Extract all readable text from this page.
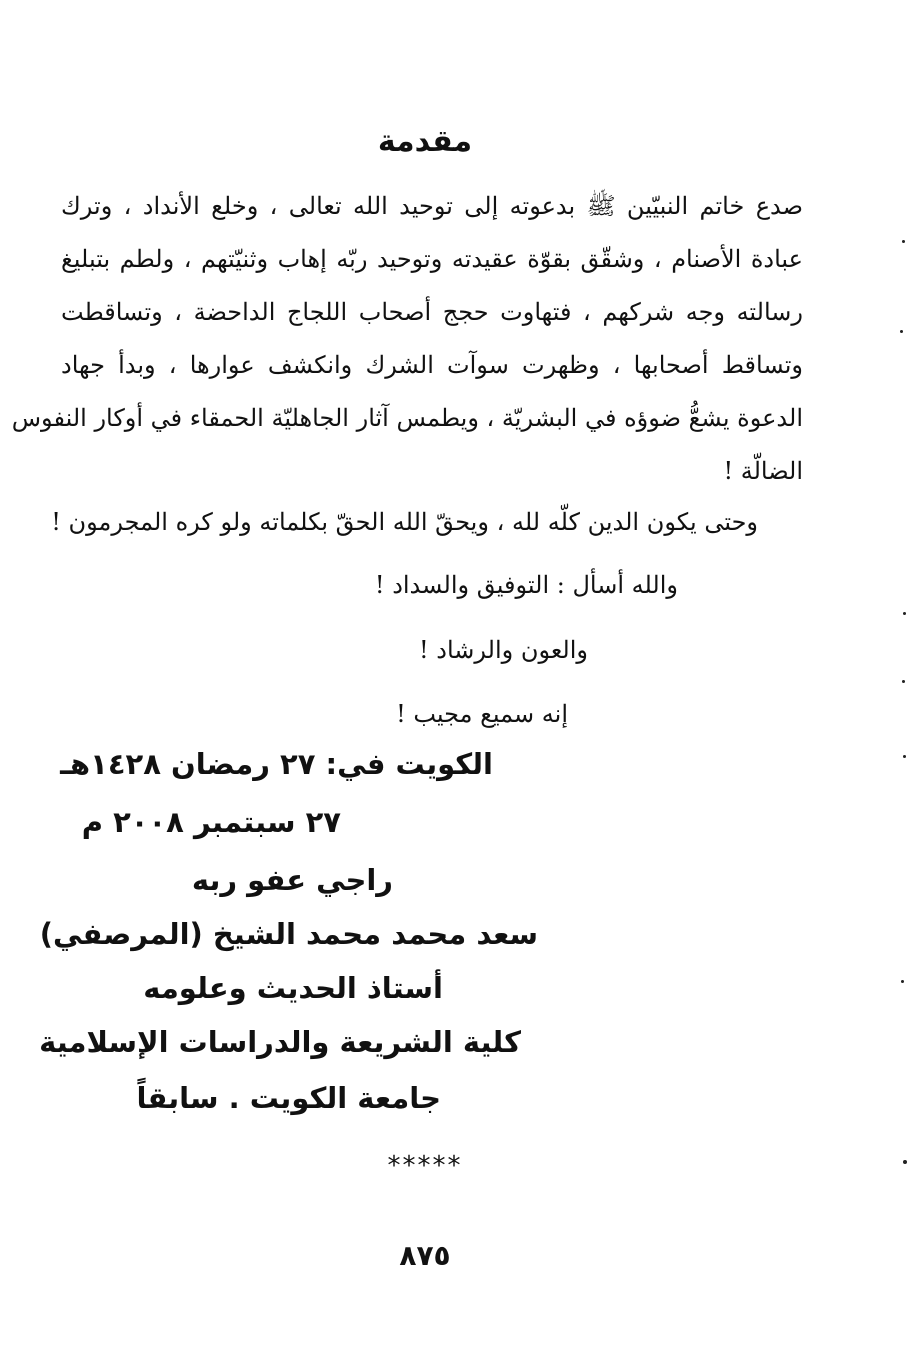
مقدمة
صدع خاتم النبيّين ﷺ بدعوته إلى توحيد الله تعالى ، وخلع الأنداد ، وترك
عبادة الأصنام ، وشقّق بقوّة عقيدته وتوحيد ربّه إهاب وثنيّتهم ، ولطم بتبليغ
رسالته وجه شركهم ، فتهاوت حجج أصحاب اللجاج الداحضة ، وتساقطت
وتساقط أصحابها ، وظهرت سوآت الشرك وانكشف عوارها ، وبدأ جهاد
الدعوة يشعُّ ضوؤه في البشريّة ، ويطمس آثار الجاهليّة الحمقاء في أوكار النفوس
الضالّة !

وحتى يكون الدين كلّه لله ، ويحقّ الله الحقّ بكلماته ولو كره المجرمون !

والله أسأل : التوفيق والسداد !

والعون والرشاد !

إنه سميع مجيب !

الكويت في: ٢٧ رمضان ١٤٢٨هـ

٢٧ سبتمبر ٢٠٠٨ م

راجي عفو ربه

سعد محمد محمد الشيخ (المرصفي)

أستاذ الحديث وعلومه

كلية الشريعة والدراسات الإسلامية

جامعة الكويت . سابقاً

*****
٨٧٥
